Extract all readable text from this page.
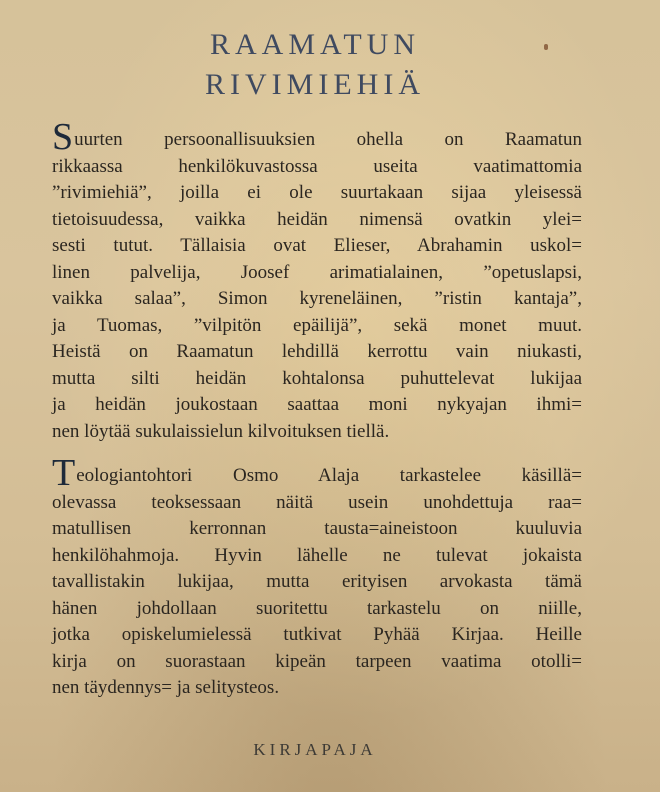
RAAMATUN
RIVIMIEHIÄ
Suurten persoonallisuuksien ohella on Raamatun
rikkaassa henkilökuvastossa useita vaatimattomia
”rivimiehiä”, joilla ei ole suurtakaan sijaa yleisessä
tietoisuudessa, vaikka heidän nimensä ovatkin ylei=
sesti tutut. Tällaisia ovat Elieser, Abrahamin uskol=
linen palvelija, Joosef arimatialainen, ”opetuslapsi,
vaikka salaa”, Simon kyreneläinen, ”ristin kantaja”,
ja Tuomas, ”vilpitön epäilijä”, sekä monet muut.
Heistä on Raamatun lehdillä kerrottu vain niukasti,
mutta silti heidän kohtalonsa puhuttelevat lukijaa
ja heidän joukostaan saattaa moni nykyajan ihmi=
nen löytää sukulaissielun kilvoituksen tiellä.
Teologiantohtori Osmo Alaja tarkastelee käsillä=
olevassa teoksessaan näitä usein unohdettuja raa=
matullisen kerronnan tausta=aineistoon kuuluvia
henkilöhahmoja. Hyvin lähelle ne tulevat jokaista
tavallistakin lukijaa, mutta erityisen arvokasta tämä
hänen johdollaan suoritettu tarkastelu on niille,
jotka opiskelumielessä tutkivat Pyhää Kirjaa. Heille
kirja on suorastaan kipeän tarpeen vaatima otolli=
nen täydennys= ja selitysteos.
KIRJAPAJA
